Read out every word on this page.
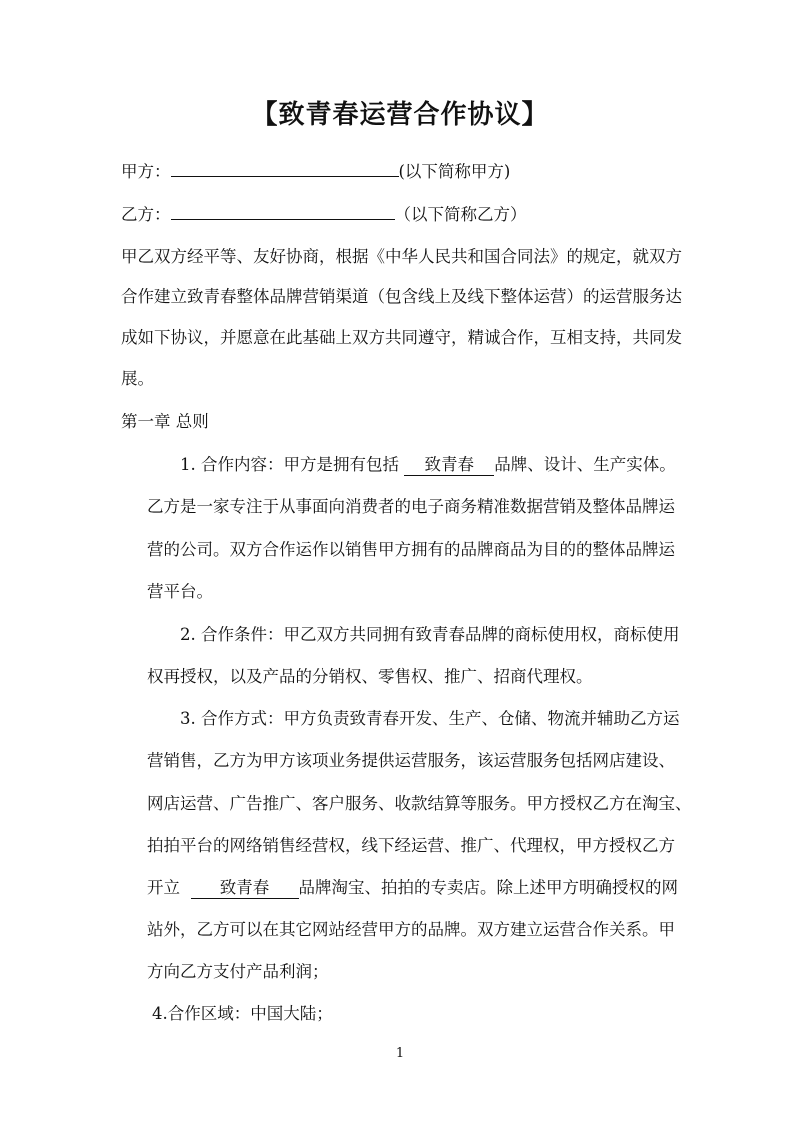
【致青春运营合作协议】
甲方：	(以下简称甲方)
乙方：	（以下简称乙方）
甲乙双方经平等、友好协商，根据《中华人民共和国合同法》的规定，就双方
合作建立致青春整体品牌营销渠道（包含线上及线下整体运营）的运营服务达
成如下协议，并愿意在此基础上双方共同遵守，精诚合作，互相支持，共同发
展。
第一章 总则
1. 合作内容：甲方是拥有包括 致青春 品牌、设计、生产实体。
乙方是一家专注于从事面向消费者的电子商务精准数据营销及整体品牌运
营的公司。双方合作运作以销售甲方拥有的品牌商品为目的的整体品牌运
营平台。
2. 合作条件：甲乙双方共同拥有致青春品牌的商标使用权，商标使用
权再授权，以及产品的分销权、零售权、推广、招商代理权。
3. 合作方式：甲方负责致青春开发、生产、仓储、物流并辅助乙方运
营销售，乙方为甲方该项业务提供运营服务，该运营服务包括网店建设、
网店运营、广告推广、客户服务、收款结算等服务。甲方授权乙方在淘宝、
拍拍平台的网络销售经营权，线下经运营、推广、代理权，甲方授权乙方
开立 致青春 品牌淘宝、拍拍的专卖店。除上述甲方明确授权的网
站外，乙方可以在其它网站经营甲方的品牌。双方建立运营合作关系。甲
方向乙方支付产品利润；
4.合作区域：中国大陆；
1
